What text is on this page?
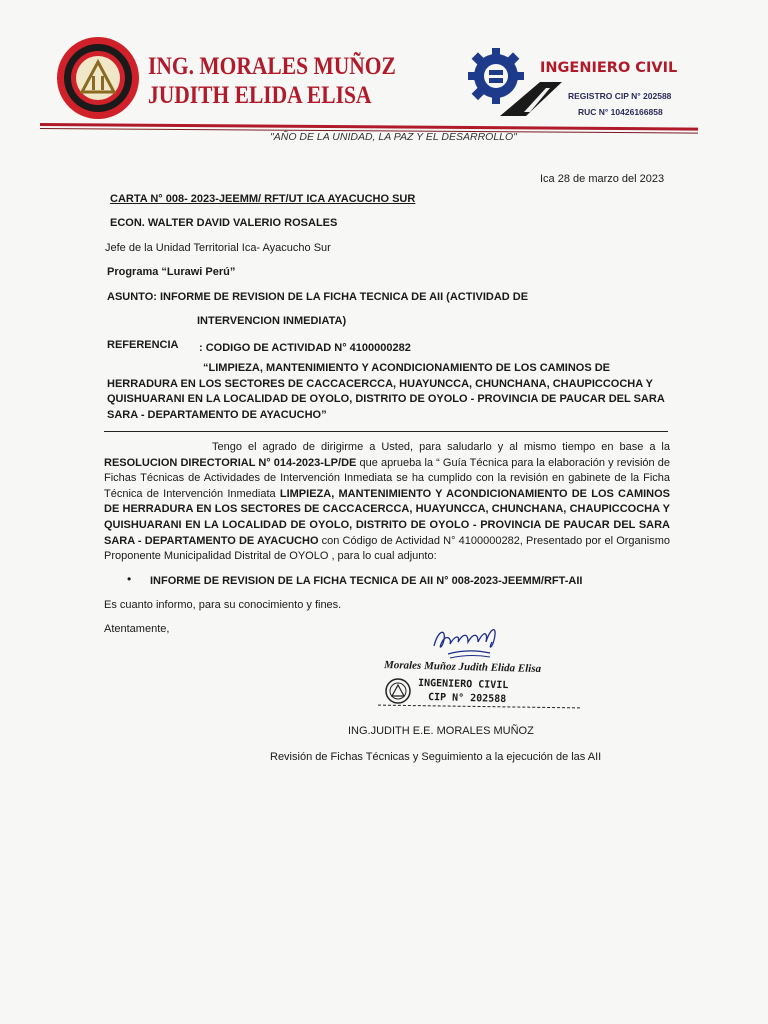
ING. MORALES MUÑOZ
JUDITH ELIDA ELISA
INGENIERO CIVIL
REGISTRO CIP N° 202588
RUC N° 10426166858
"AÑO DE LA UNIDAD, LA PAZ Y EL DESARROLLO"
Ica 28 de marzo del 2023
CARTA N° 008- 2023-JEEMM/ RFT/UT ICA AYACUCHO SUR
ECON. WALTER DAVID VALERIO ROSALES
Jefe de la Unidad Territorial Ica- Ayacucho Sur
Programa “Lurawi Perú”
ASUNTO: INFORME DE REVISION DE LA FICHA TECNICA DE AII (ACTIVIDAD DE
INTERVENCION INMEDIATA)
REFERENCIA : CODIGO DE ACTIVIDAD N° 4100000282
“LIMPIEZA, MANTENIMIENTO Y ACONDICIONAMIENTO DE LOS CAMINOS DE HERRADURA EN LOS SECTORES DE CACCACERCCA, HUAYUNCCA, CHUNCHANA, CHAUPICCOCHA Y QUISHUARANI EN LA LOCALIDAD DE OYOLO, DISTRITO DE OYOLO - PROVINCIA DE PAUCAR DEL SARA SARA - DEPARTAMENTO DE AYACUCHO”
Tengo el agrado de dirigirme a Usted, para saludarlo y al mismo tiempo en base a la RESOLUCION DIRECTORIAL N° 014-2023-LP/DE que aprueba la “ Guía Técnica para la elaboración y revisión de Fichas Técnicas de Actividades de Intervención Inmediata se ha cumplido con la revisión en gabinete de la Ficha Técnica de Intervención Inmediata LIMPIEZA, MANTENIMIENTO Y ACONDICIONAMIENTO DE LOS CAMINOS DE HERRADURA EN LOS SECTORES DE CACCACERCCA, HUAYUNCCA, CHUNCHANA, CHAUPICCOCHA Y QUISHUARANI EN LA LOCALIDAD DE OYOLO, DISTRITO DE OYOLO - PROVINCIA DE PAUCAR DEL SARA SARA - DEPARTAMENTO DE AYACUCHO con Código de Actividad N° 4100000282, Presentado por el Organismo Proponente Municipalidad Distrital de OYOLO , para lo cual adjunto:
• INFORME DE REVISION DE LA FICHA TECNICA DE AII N° 008-2023-JEEMM/RFT-AII
Es cuanto informo, para su conocimiento y fines.
Atentamente,
Morales Muñoz Judith Elida Elisa
INGENIERO CIVIL
CIP N° 202588
ING.JUDITH E.E. MORALES MUÑOZ
Revisión de Fichas Técnicas y Seguimiento a la ejecución de las AII
